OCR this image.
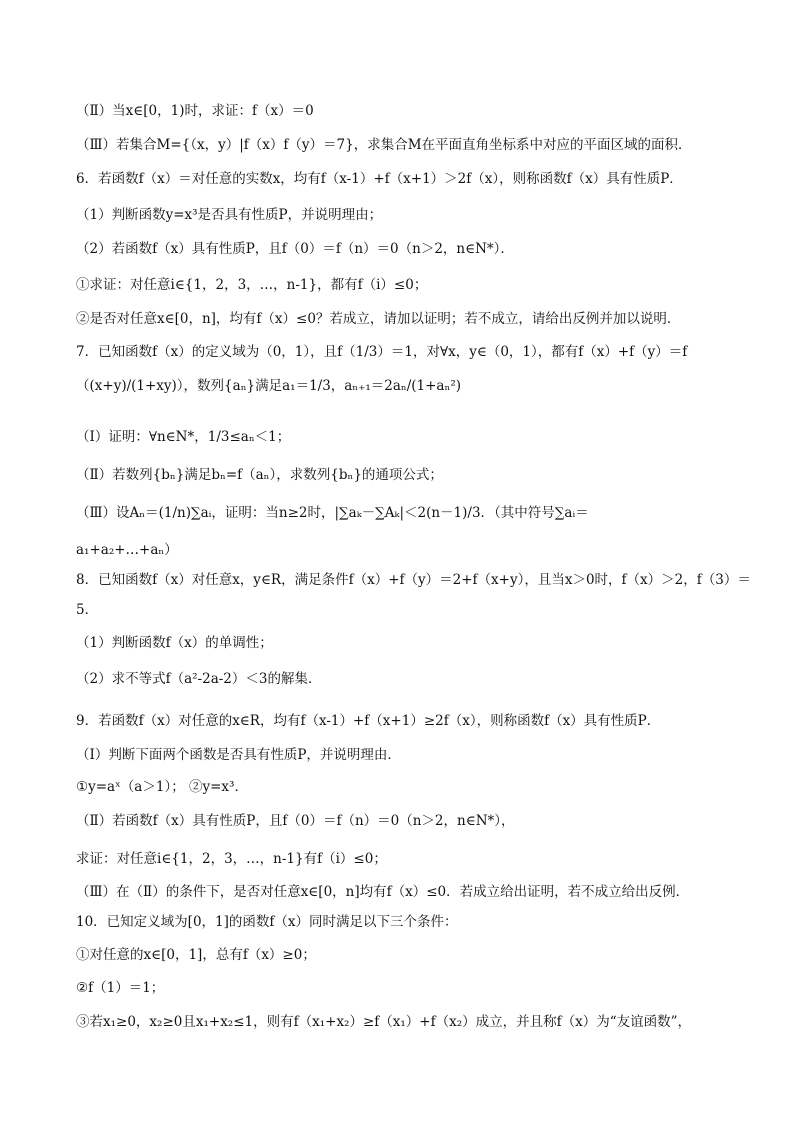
（Ⅱ）当x∈[0，1)时，求证：f（x）＝0
（Ⅲ）若集合M={（x，y）|f（x）f（y）＝7}，求集合M在平面直角坐标系中对应的平面区域的面积．
6．若函数f（x）＝对任意的实数x，均有f（x-1）+f（x+1）＞2f（x），则称函数f（x）具有性质P．
（1）判断函数y=x³是否具有性质P，并说明理由；
（2）若函数f（x）具有性质P，且f（0）＝f（n）＝0（n＞2，n∈N*）．
①求证：对任意i∈{1，2，3，…，n-1}，都有f（i）≤0；
②是否对任意x∈[0，n]，均有f（x）≤0？若成立，请加以证明；若不成立，请给出反例并加以说明．
7．已知函数f（x）的定义域为（0，1），且f（1/3）＝1，对∀x，y∈（0，1），都有f（x）+f（y）＝f
（(x+y)/(1+xy)），数列{aₙ}满足a₁＝1/3，aₙ₊₁＝2aₙ/(1+aₙ²)
（Ⅰ）证明：∀n∈N*，1/3≤aₙ＜1；
（Ⅱ）若数列{bₙ}满足bₙ=f（aₙ），求数列{bₙ}的通项公式；
（Ⅲ）设Aₙ＝(1/n)∑aᵢ，证明：当n≥2时，|∑aₖ－∑Aₖ|＜2(n－1)/3．（其中符号∑aᵢ＝
a₁+a₂+…+aₙ）
8．已知函数f（x）对任意x，y∈R，满足条件f（x）+f（y）＝2+f（x+y），且当x＞0时，f（x）＞2，f（3）＝
5．
（1）判断函数f（x）的单调性；
（2）求不等式f（a²-2a-2）＜3的解集．
9．若函数f（x）对任意的x∈R，均有f（x-1）+f（x+1）≥2f（x），则称函数f（x）具有性质P．
（Ⅰ）判断下面两个函数是否具有性质P，并说明理由．
①y=aˣ（a＞1）； ②y=x³．
（Ⅱ）若函数f（x）具有性质P，且f（0）＝f（n）＝0（n＞2，n∈N*），
求证：对任意i∈{1，2，3，…，n-1}有f（i）≤0；
（Ⅲ）在（Ⅱ）的条件下，是否对任意x∈[0，n]均有f（x）≤0．若成立给出证明，若不成立给出反例．
10．已知定义域为[0，1]的函数f（x）同时满足以下三个条件：
①对任意的x∈[0，1]，总有f（x）≥0；
②f（1）＝1；
③若x₁≥0，x₂≥0且x₁+x₂≤1，则有f（x₁+x₂）≥f（x₁）+f（x₂）成立，并且称f（x）为“友谊函数”，
